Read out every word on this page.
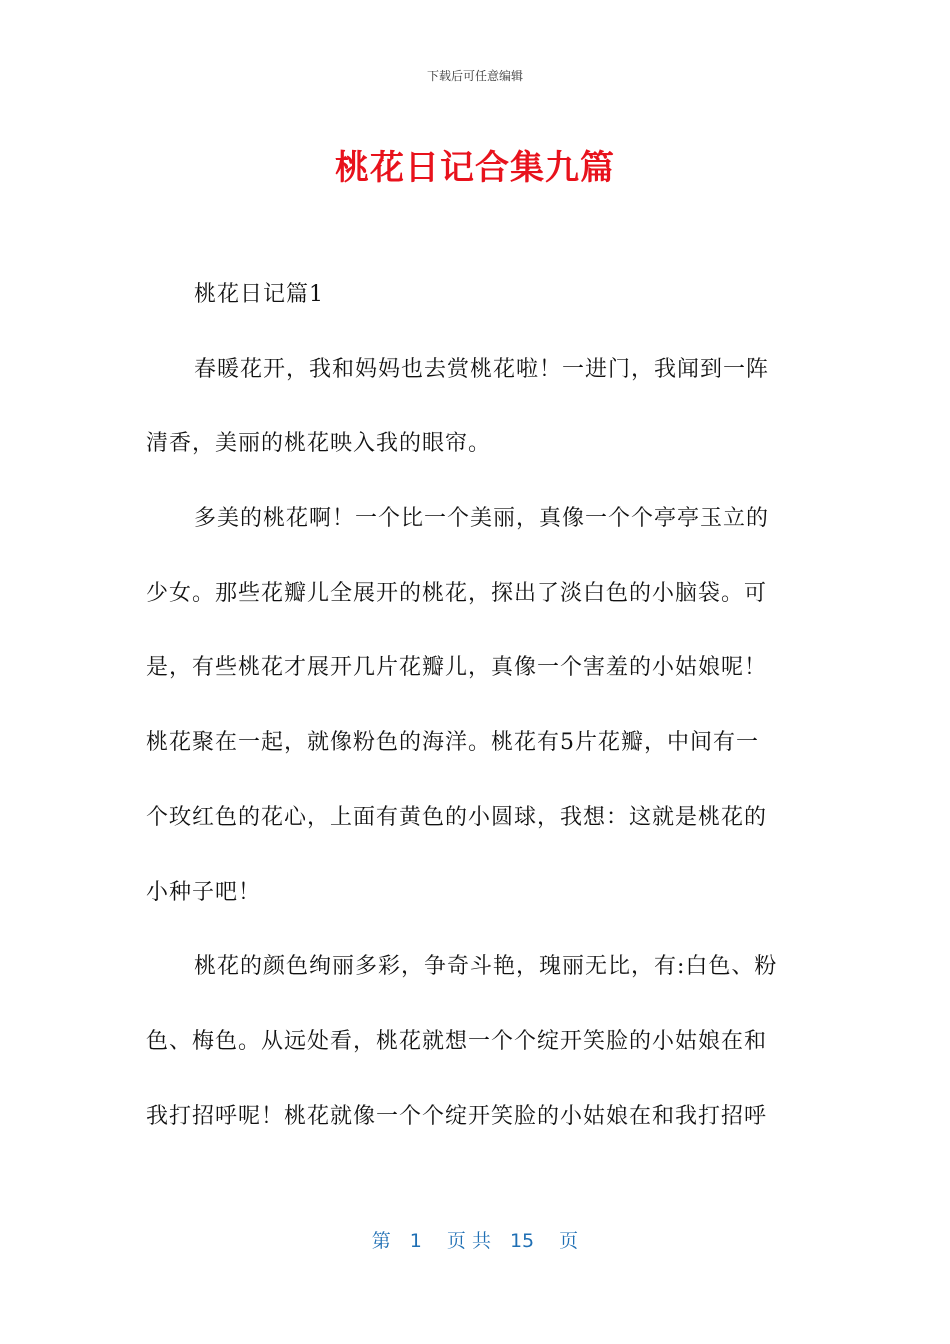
下载后可任意编辑
桃花日记合集九篇
桃花日记篇1
春暖花开，我和妈妈也去赏桃花啦！一进门，我闻到一阵
清香，美丽的桃花映入我的眼帘。
多美的桃花啊！一个比一个美丽，真像一个个亭亭玉立的
少女。那些花瓣儿全展开的桃花，探出了淡白色的小脑袋。可
是，有些桃花才展开几片花瓣儿，真像一个害羞的小姑娘呢！
桃花聚在一起，就像粉色的海洋。桃花有5片花瓣，中间有一
个玫红色的花心，上面有黄色的小圆球，我想：这就是桃花的
小种子吧！
桃花的颜色绚丽多彩，争奇斗艳，瑰丽无比，有:白色、粉
色、梅色。从远处看，桃花就想一个个绽开笑脸的小姑娘在和
我打招呼呢！桃花就像一个个绽开笑脸的小姑娘在和我打招呼
第　1　 页 共　15　 页
